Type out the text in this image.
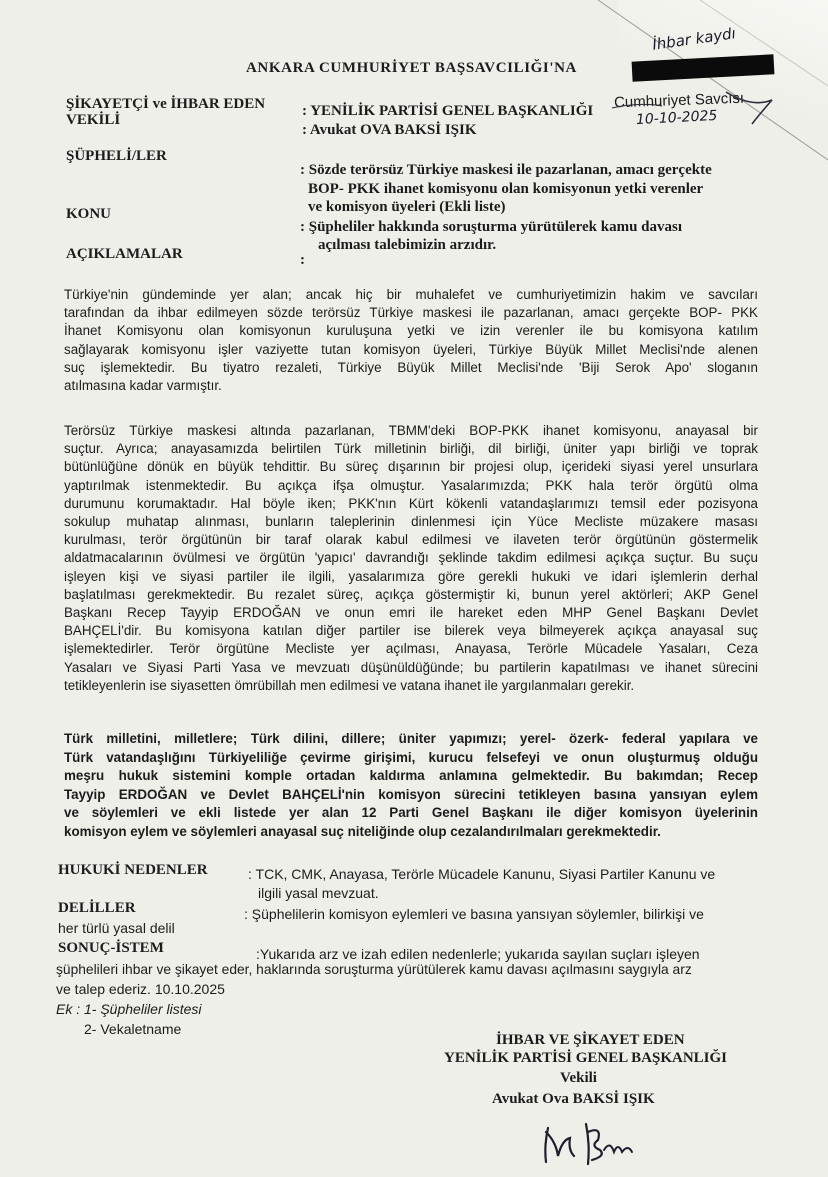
ANKARA CUMHURİYET BAŞSAVCILIĞI'NA
İhbar kaydı
Cumhuriyet Savcısı
10-10-2025
ŞİKAYETÇİ ve İHBAR EDEN
VEKİLİ
: YENİLİK PARTİSİ GENEL BAŞKANLIĞI
: Avukat OVA BAKSİ IŞIK
ŞÜPHELİ/LER
: Sözde terörsüz Türkiye maskesi ile pazarlanan, amacı gerçekte
BOP- PKK ihanet komisyonu olan komisyonun yetki verenler
ve komisyon üyeleri (Ekli liste)
KONU
: Şüpheliler hakkında soruşturma yürütülerek kamu davası
açılması talebimizin arzıdır.
AÇIKLAMALAR	:
Türkiye'nin gündeminde yer alan; ancak hiç bir muhalefet ve cumhuriyetimizin hakim ve savcıları
tarafından da ihbar edilmeyen sözde terörsüz Türkiye maskesi ile pazarlanan, amacı gerçekte BOP- PKK
İhanet Komisyonu olan komisyonun kuruluşuna yetki ve izin verenler ile bu komisyona katılım
sağlayarak komisyonu işler vaziyette tutan komisyon üyeleri, Türkiye Büyük Millet Meclisi'nde alenen
suç işlemektedir. Bu tiyatro rezaleti, Türkiye Büyük Millet Meclisi'nde 'Biji Serok Apo' sloganın
atılmasına kadar varmıştır.
Terörsüz Türkiye maskesi altında pazarlanan, TBMM'deki BOP-PKK ihanet komisyonu, anayasal bir
suçtur. Ayrıca; anayasamızda belirtilen Türk milletinin birliği, dil birliği, üniter yapı birliği ve toprak
bütünlüğüne dönük en büyük tehdittir. Bu süreç dışarının bir projesi olup, içerideki siyasi yerel unsurlara
yaptırılmak istenmektedir. Bu açıkça ifşa olmuştur. Yasalarımızda; PKK hala terör örgütü olma
durumunu korumaktadır. Hal böyle iken; PKK'nın Kürt kökenli vatandaşlarımızı temsil eder pozisyona
sokulup muhatap alınması, bunların taleplerinin dinlenmesi için Yüce Mecliste müzakere masası
kurulması, terör örgütünün bir taraf olarak kabul edilmesi ve ilaveten terör örgütünün göstermelik
aldatmacalarının övülmesi ve örgütün 'yapıcı' davrandığı şeklinde takdim edilmesi açıkça suçtur. Bu suçu
işleyen kişi ve siyasi partiler ile ilgili, yasalarımıza göre gerekli hukuki ve idari işlemlerin derhal
başlatılması gerekmektedir. Bu rezalet süreç, açıkça göstermiştir ki, bunun yerel aktörleri; AKP Genel
Başkanı Recep Tayyip ERDOĞAN ve onun emri ile hareket eden MHP Genel Başkanı Devlet
BAHÇELİ'dir. Bu komisyona katılan diğer partiler ise bilerek veya bilmeyerek açıkça anayasal suç
işlemektedirler. Terör örgütüne Mecliste yer açılması, Anayasa, Terörle Mücadele Yasaları, Ceza
Yasaları ve Siyasi Parti Yasa ve mevzuatı düşünüldüğünde; bu partilerin kapatılması ve ihanet sürecini
tetikleyenlerin ise siyasetten ömrübillah men edilmesi ve vatana ihanet ile yargılanmaları gerekir.
Türk milletini, milletlere; Türk dilini, dillere; üniter yapımızı; yerel- özerk- federal yapılara ve
Türk vatandaşlığını Türkiyeliliğe çevirme girişimi, kurucu felsefeyi ve onun oluşturmuş olduğu
meşru hukuk sistemini komple ortadan kaldırma anlamına gelmektedir. Bu bakımdan; Recep
Tayyip ERDOĞAN ve Devlet BAHÇELİ'nin komisyon sürecini tetikleyen basına yansıyan eylem
ve söylemleri ve ekli listede yer alan 12 Parti Genel Başkanı ile diğer komisyon üyelerinin
komisyon eylem ve söylemleri anayasal suç niteliğinde olup cezalandırılmaları gerekmektedir.
HUKUKİ NEDENLER	: TCK, CMK, Anayasa, Terörle Mücadele Kanunu, Siyasi Partiler Kanunu ve
ilgili yasal mevzuat.
DELİLLER	: Şüphelilerin komisyon eylemleri ve basına yansıyan söylemler, bilirkişi ve
her türlü yasal delil
SONUÇ-İSTEM	:Yukarıda arz ve izah edilen nedenlerle; yukarıda sayılan suçları işleyen
şüphelileri ihbar ve şikayet eder, haklarında soruşturma yürütülerek kamu davası açılmasını saygıyla arz
ve talep ederiz. 10.10.2025
Ek : 1- Şüpheliler listesi
2- Vekaletname
İHBAR VE ŞİKAYET EDEN
YENİLİK PARTİSİ GENEL BAŞKANLIĞI
Vekili
Avukat Ova BAKSİ IŞIK
